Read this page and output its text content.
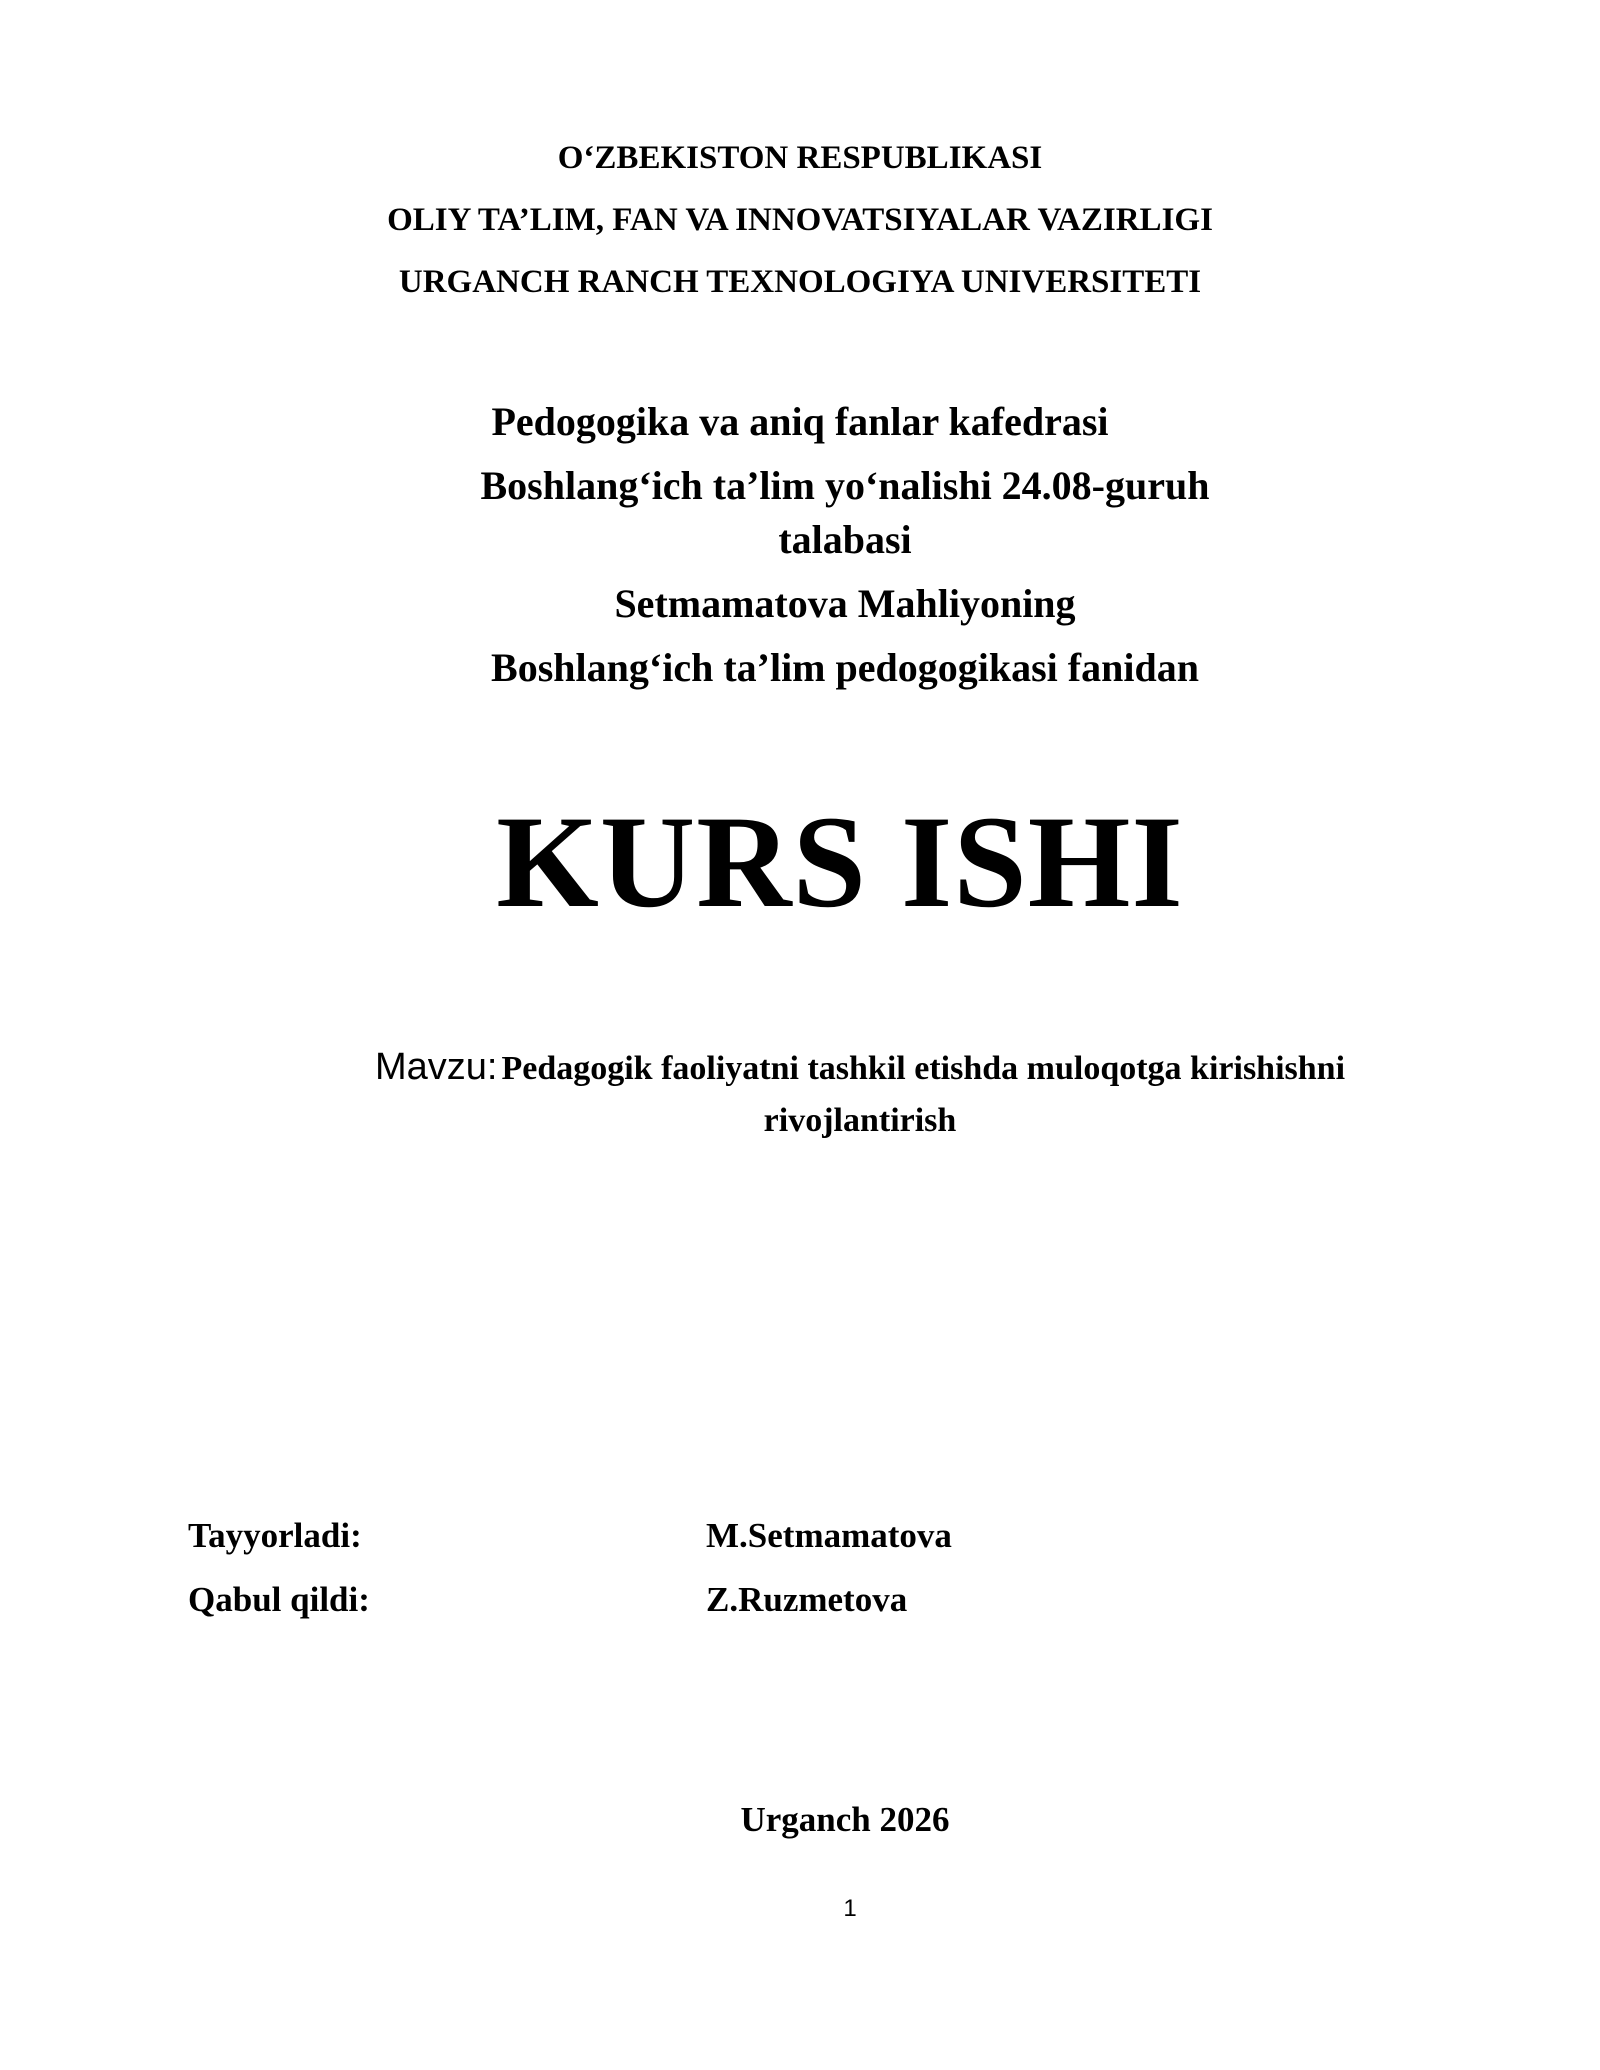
O‘ZBEKISTON RESPUBLIKASI
OLIY TA’LIM, FAN VA INNOVATSIYALAR VAZIRLIGI
URGANCH RANCH TEXNOLOGIYA UNIVERSITETI
Pedogogika va aniq fanlar kafedrasi
Boshlang‘ich ta’lim yo‘nalishi 24.08-guruh
talabasi
Setmamatova Mahliyoning
Boshlang‘ich ta’lim pedogogikasi fanidan
KURS ISHI
Mavzu: Pedagogik faoliyatni tashkil etishda muloqotga kirishishni rivojlantirish
Tayyorladi:	M.Setmamatova
Qabul qildi:	Z.Ruzmetova
Urganch 2026
1
